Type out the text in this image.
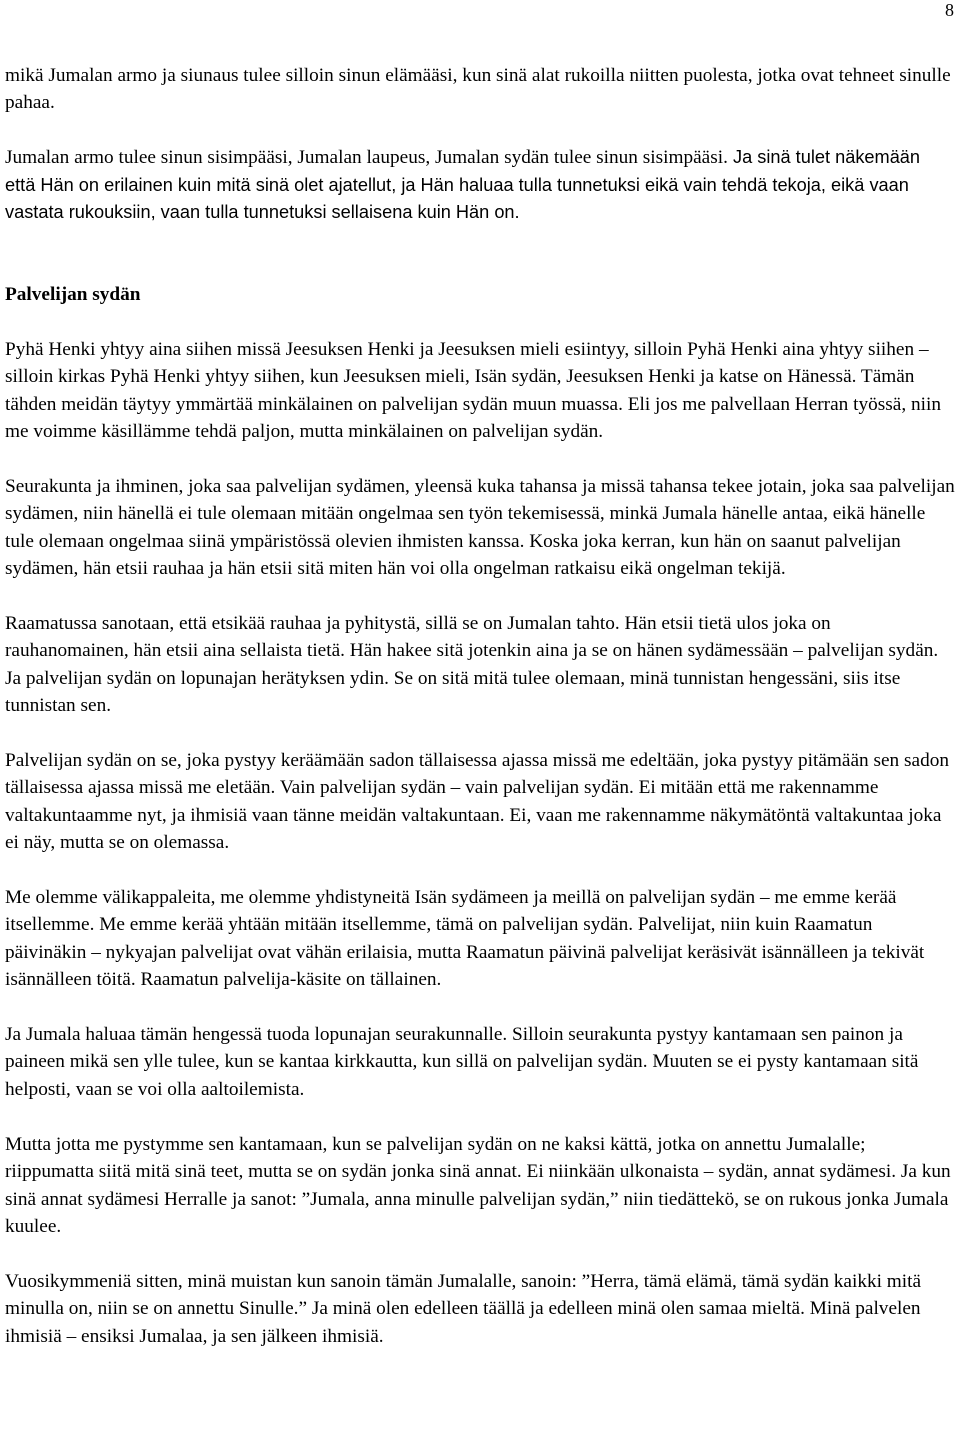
8

mikä Jumalan armo ja siunaus tulee silloin sinun elämääsi, kun sinä alat rukoilla niitten puolesta, jotka ovat tehneet sinulle pahaa.

Jumalan armo tulee sinun sisimpääsi, Jumalan laupeus, Jumalan sydän tulee sinun sisimpääsi. Ja sinä tulet näkemään että Hän on erilainen kuin mitä sinä olet ajatellut, ja Hän haluaa tulla tunnetuksi eikä vain tehdä tekoja, eikä vaan vastata rukouksiin, vaan tulla tunnetuksi sellaisena kuin Hän on.

Palvelijan sydän

Pyhä Henki yhtyy aina siihen missä Jeesuksen Henki ja Jeesuksen mieli esiintyy, silloin Pyhä Henki aina yhtyy siihen – silloin kirkas Pyhä Henki yhtyy siihen, kun Jeesuksen mieli, Isän sydän, Jeesuksen Henki ja katse on Hänessä. Tämän tähden meidän täytyy ymmärtää minkälainen on palvelijan sydän muun muassa. Eli jos me palvellaan Herran työssä, niin me voimme käsillämme tehdä paljon, mutta minkälainen on palvelijan sydän.

Seurakunta ja ihminen, joka saa palvelijan sydämen, yleensä kuka tahansa ja missä tahansa tekee jotain, joka saa palvelijan sydämen, niin hänellä ei tule olemaan mitään ongelmaa sen työn tekemisessä, minkä Jumala hänelle antaa, eikä hänelle tule olemaan ongelmaa siinä ympäristössä olevien ihmisten kanssa. Koska joka kerran, kun hän on saanut palvelijan sydämen, hän etsii rauhaa ja hän etsii sitä miten hän voi olla ongelman ratkaisu eikä ongelman tekijä.

Raamatussa sanotaan, että etsikää rauhaa ja pyhitystä, sillä se on Jumalan tahto. Hän etsii tietä ulos joka on rauhanomainen, hän etsii aina sellaista tietä. Hän hakee sitä jotenkin aina ja se on hänen sydämessään – palvelijan sydän. Ja palvelijan sydän on lopunajan herätyksen ydin. Se on sitä mitä tulee olemaan, minä tunnistan hengessäni, siis itse tunnistan sen.

Palvelijan sydän on se, joka pystyy keräämään sadon tällaisessa ajassa missä me edeltään, joka pystyy pitämään sen sadon tällaisessa ajassa missä me eletään. Vain palvelijan sydän – vain palvelijan sydän. Ei mitään että me rakennamme valtakuntaamme nyt, ja ihmisiä vaan tänne meidän valtakuntaan. Ei, vaan me rakennamme näkymätöntä valtakuntaa joka ei näy, mutta se on olemassa.

Me olemme välikappaleita, me olemme yhdistyneitä Isän sydämeen ja meillä on palvelijan sydän – me emme kerää itsellemme. Me emme kerää yhtään mitään itsellemme, tämä on palvelijan sydän. Palvelijat, niin kuin Raamatun päivinäkin – nykyajan palvelijat ovat vähän erilaisia, mutta Raamatun päivinä palvelijat keräsivät isännälleen ja tekivät isännälleen töitä. Raamatun palvelija-käsite on tällainen.

Ja Jumala haluaa tämän hengessä tuoda lopunajan seurakunnalle. Silloin seurakunta pystyy kantamaan sen painon ja paineen mikä sen ylle tulee, kun se kantaa kirkkautta, kun sillä on palvelijan sydän. Muuten se ei pysty kantamaan sitä helposti, vaan se voi olla aaltoilemista.

Mutta jotta me pystymme sen kantamaan, kun se palvelijan sydän on ne kaksi kättä, jotka on annettu Jumalalle; riippumatta siitä mitä sinä teet, mutta se on sydän jonka sinä annat. Ei niinkään ulkonaista – sydän, annat sydämesi. Ja kun sinä annat sydämesi Herralle ja sanot: ”Jumala, anna minulle palvelijan sydän,” niin tiedättekö, se on rukous jonka Jumala kuulee.

Vuosikymmeniä sitten, minä muistan kun sanoin tämän Jumalalle, sanoin: ”Herra, tämä elämä, tämä sydän kaikki mitä minulla on, niin se on annettu Sinulle.” Ja minä olen edelleen täällä ja edelleen minä olen samaa mieltä. Minä palvelen ihmisiä – ensiksi Jumalaa, ja sen jälkeen ihmisiä.
